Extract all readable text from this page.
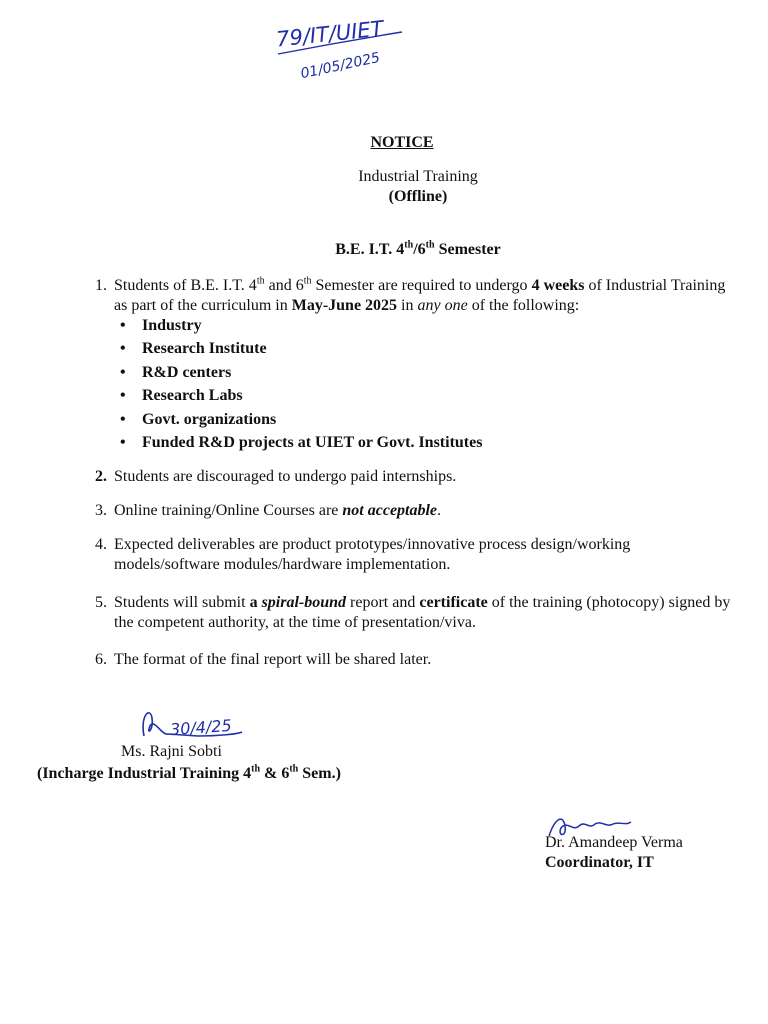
79/IT/UIET
01/05/2025
NOTICE
Industrial Training
(Offline)
B.E. I.T. 4th/6th Semester
1. Students of B.E. I.T. 4th and 6th Semester are required to undergo 4 weeks of Industrial Training as part of the curriculum in May-June 2025 in any one of the following:
• Industry
• Research Institute
• R&D centers
• Research Labs
• Govt. organizations
• Funded R&D projects at UIET or Govt. Institutes
2. Students are discouraged to undergo paid internships.
3. Online training/Online Courses are not acceptable.
4. Expected deliverables are product prototypes/innovative process design/working models/software modules/hardware implementation.
5. Students will submit a spiral-bound report and certificate of the training (photocopy) signed by the competent authority, at the time of presentation/viva.
6. The format of the final report will be shared later.
30/4/25
Ms. Rajni Sobti
(Incharge Industrial Training 4th & 6th Sem.)
Dr. Amandeep Verma
Coordinator, IT
